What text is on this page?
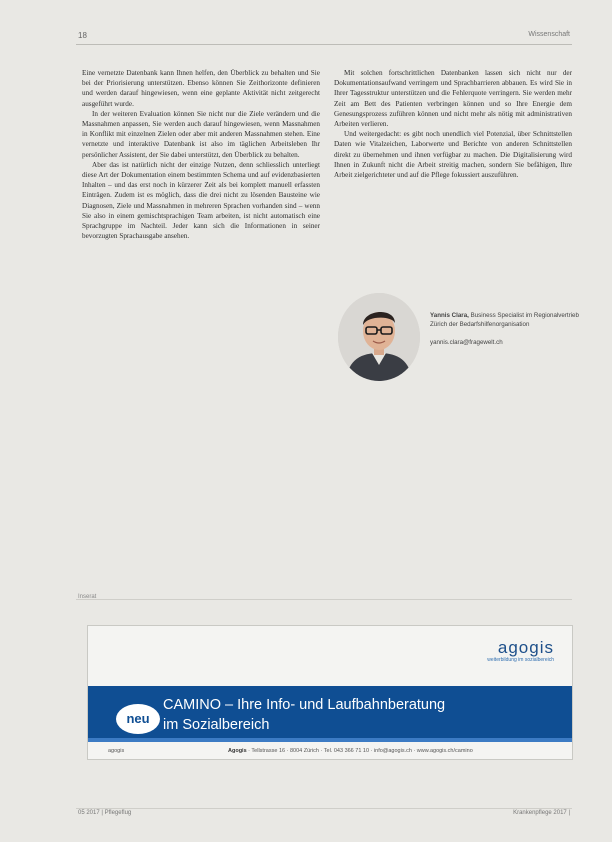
18	Wissenschaft

Eine vernetzte Datenbank kann Ihnen helfen, den Überblick zu behalten und Sie bei der Priorisierung unterstützen. Ebenso können Sie Zeithorizonte definieren und werden darauf hingewiesen, wenn eine geplante Aktivität nicht zeitgerecht ausgeführt wurde.

In der weiteren Evaluation können Sie nicht nur die Ziele verändern und die Massnahmen anpassen, Sie werden auch darauf hingewiesen, wenn Massnahmen in Konflikt mit einzelnen Zielen oder aber mit anderen Massnahmen stehen. Eine vernetzte und interaktive Datenbank ist also im täglichen Arbeitsleben Ihr persönlicher Assistent, der Sie dabei unterstützt, den Überblick zu behalten.

Aber das ist natürlich nicht der einzige Nutzen, denn schliesslich unterliegt diese Art der Dokumentation einem bestimmten Schema und auf evidenzbasierten Inhalten – und das erst noch in kürzerer Zeit als bei komplett manuell erfassten Einträgen. Zudem ist es möglich, dass die drei nicht zu lösenden Bausteine wie Diagnosen, Ziele und Massnahmen in mehreren Sprachen vorhanden sind – wenn Sie also in einem gemischtsprachigen Team arbeiten, ist nicht automatisch eine Sprachgruppe im Nachteil. Jeder kann sich die Informationen in seiner bevorzugten Sprachausgabe ansehen.

Mit solchen fortschrittlichen Datenbanken lassen sich nicht nur der Dokumentationsaufwand verringern und Sprachbarrieren abbauen. Es wird Sie in Ihrer Tagesstruktur unterstützen und die Fehlerquote verringern. Sie werden mehr Zeit am Bett des Patienten verbringen können und so Ihre Energie dem Genesungsprozess zuführen können und nicht mehr als nötig mit administrativen Arbeiten verlieren.

Und weitergedacht: es gibt noch unendlich viel Potenzial, über Schnittstellen Daten wie Vitalzeichen, Laborwerte und Berichte von anderen Schnittstellen direkt zu übernehmen und ihnen verfügbar zu machen. Die Digitalisierung wird Ihnen in Zukunft nicht die Arbeit streitig machen, sondern Sie befähigen, Ihre Arbeit zielgerichteter und auf die Pflege fokussiert auszuführen.

Yannis Clara, Business Specialist im Regionalvertrieb Zürich der Bedarfshilfenorganisation
yannis.clara@fragewelt.ch
Inserat
agogis
weiterbildung im sozialbereich
neu
CAMINO – Ihre Info- und Laufbahnberatung
im Sozialbereich
agogis	Agogis · Tellstrasse 16 · 8004 Zürich · Tel. 043 366 71 10 · info@agogis.ch · www.agogis.ch/camino
05 2017 | Pflegeflug	Krankenpflege 2017 |
